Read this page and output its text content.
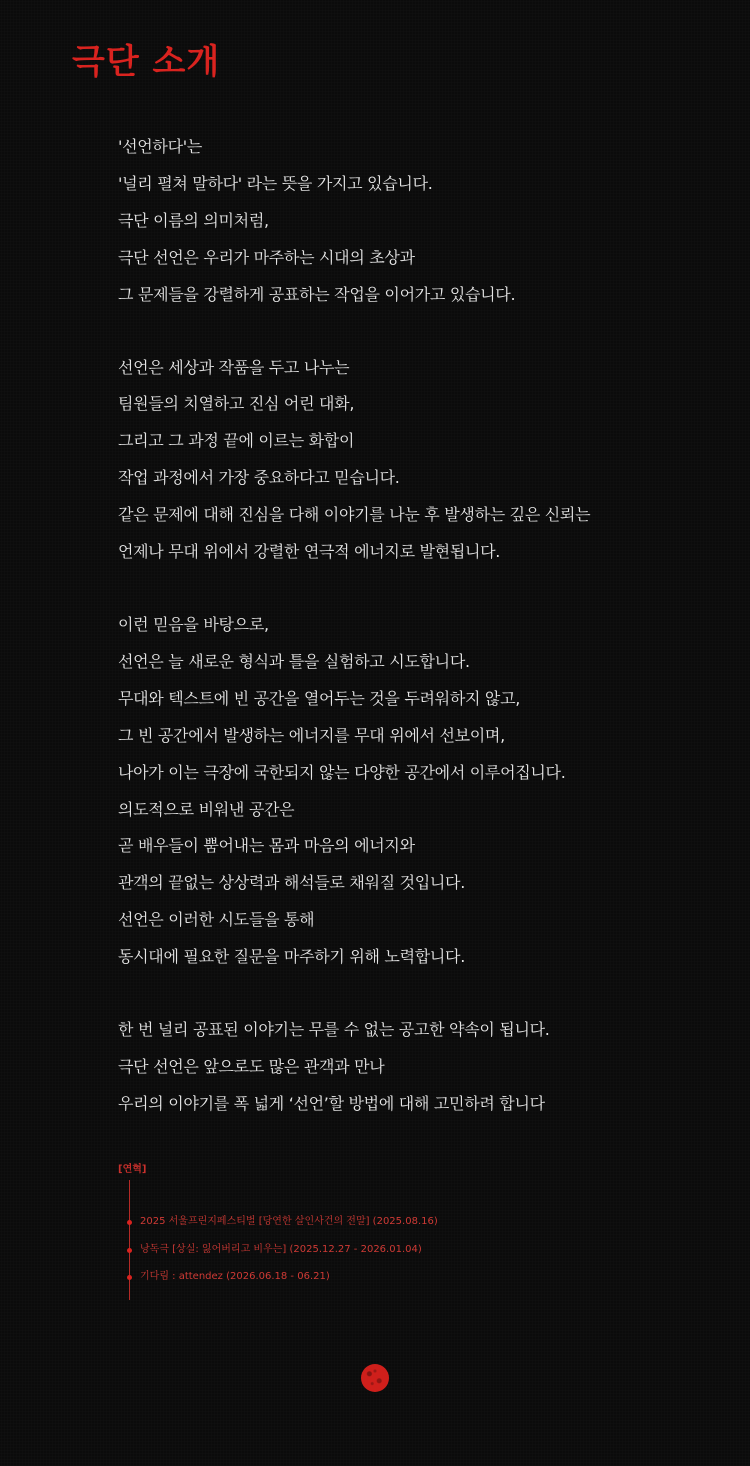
극단 소개
'선언하다'는
'널리 펼쳐 말하다' 라는 뜻을 가지고 있습니다.
극단 이름의 의미처럼,
극단 선언은 우리가 마주하는 시대의 초상과
그 문제들을 강렬하게 공표하는 작업을 이어가고 있습니다.
선언은 세상과 작품을 두고 나누는
팀원들의 치열하고 진심 어린 대화,
그리고 그 과정 끝에 이르는 화합이
작업 과정에서 가장 중요하다고 믿습니다.
같은 문제에 대해 진심을 다해 이야기를 나눈 후 발생하는 깊은 신뢰는
언제나 무대 위에서 강렬한 연극적 에너지로 발현됩니다.
이런 믿음을 바탕으로,
선언은 늘 새로운 형식과 틀을 실험하고 시도합니다.
무대와 텍스트에 빈 공간을 열어두는 것을 두려워하지 않고,
그 빈 공간에서 발생하는 에너지를 무대 위에서 선보이며,
나아가 이는 극장에 국한되지 않는 다양한 공간에서 이루어집니다.
의도적으로 비워낸 공간은
곧 배우들이 뿜어내는 몸과 마음의 에너지와
관객의 끝없는 상상력과 해석들로 채워질 것입니다.
선언은 이러한 시도들을 통해
동시대에 필요한 질문을 마주하기 위해 노력합니다.
한 번 널리 공표된 이야기는 무를 수 없는 공고한 약속이 됩니다.
극단 선언은 앞으로도 많은 관객과 만나
우리의 이야기를 폭 넓게 ‘선언’할 방법에 대해 고민하려 합니다

[연혁]

2025 서울프린지페스티벌 [당연한 살인사건의 전말] (2025.08.16)
낭독극 [상실: 잃어버리고 비우는] (2025.12.27 - 2026.01.04)
기다림 : attendez (2026.06.18 - 06.21)
